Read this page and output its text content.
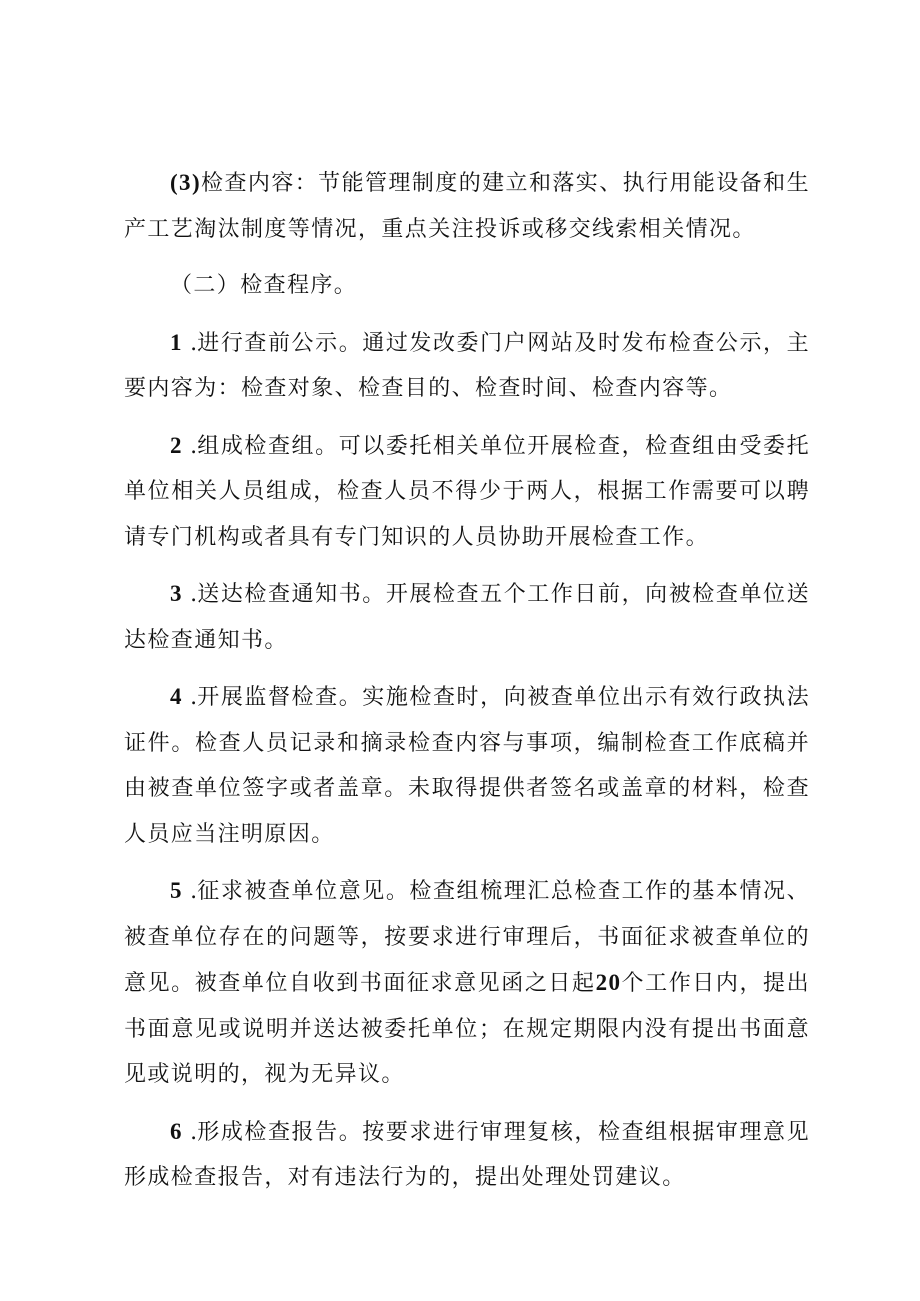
(3)检查内容：节能管理制度的建立和落实、执行用能设备和生产工艺淘汰制度等情况，重点关注投诉或移交线索相关情况。

（二）检查程序。

1 .进行查前公示。通过发改委门户网站及时发布检查公示，主要内容为：检查对象、检查目的、检查时间、检查内容等。

2 .组成检查组。可以委托相关单位开展检查，检查组由受委托单位相关人员组成，检查人员不得少于两人，根据工作需要可以聘请专门机构或者具有专门知识的人员协助开展检查工作。

3 .送达检查通知书。开展检查五个工作日前，向被检查单位送达检查通知书。

4 .开展监督检查。实施检查时，向被查单位出示有效行政执法证件。检查人员记录和摘录检查内容与事项，编制检查工作底稿并由被查单位签字或者盖章。未取得提供者签名或盖章的材料，检查人员应当注明原因。

5 .征求被查单位意见。检查组梳理汇总检查工作的基本情况、被查单位存在的问题等，按要求进行审理后，书面征求被查单位的意见。被查单位自收到书面征求意见函之日起20个工作日内，提出书面意见或说明并送达被委托单位；在规定期限内没有提出书面意见或说明的，视为无异议。

6 .形成检查报告。按要求进行审理复核，检查组根据审理意见形成检查报告，对有违法行为的，提出处理处罚建议。
